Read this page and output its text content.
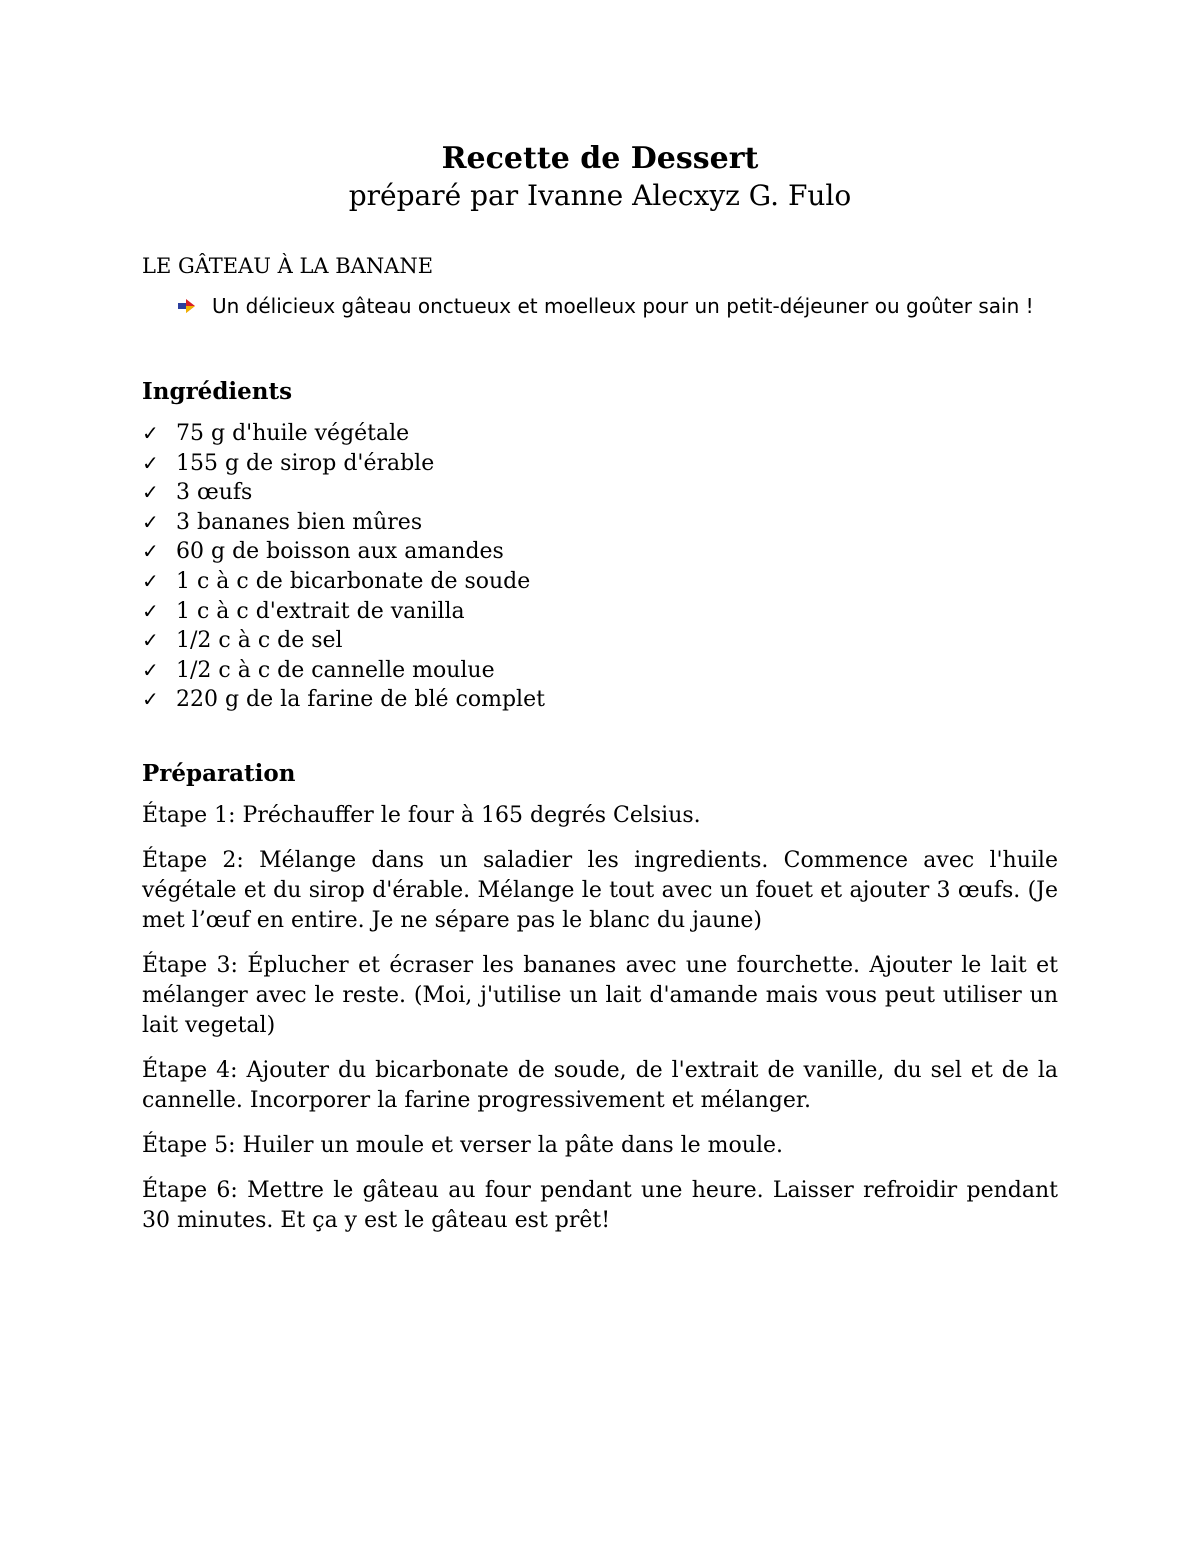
Recette de Dessert

préparé par Ivanne Alecxyz G. Fulo

LE GÂTEAU À LA BANANE
Un délicieux gâteau onctueux et moelleux pour un petit-déjeuner ou goûter sain !
Ingrédients
✓ 75 g d'huile végétale
✓ 155 g de sirop d'érable
✓ 3 œufs
✓ 3 bananes bien mûres
✓ 60 g de boisson aux amandes
✓ 1 c à c de bicarbonate de soude
✓ 1 c à c d'extrait de vanilla
✓ 1/2 c à c de sel
✓ 1/2 c à c de cannelle moulue
✓ 220 g de la farine de blé complet
Préparation

Étape 1: Préchauffer le four à 165 degrés Celsius.

Étape 2: Mélange dans un saladier les ingredients. Commence avec l'huile végétale et du sirop d'érable. Mélange le tout avec un fouet et ajouter 3 œufs. (Je met l’œuf en entire. Je ne sépare pas le blanc du jaune)

Étape 3: Éplucher et écraser les bananes avec une fourchette. Ajouter le lait et mélanger avec le reste. (Moi, j'utilise un lait d'amande mais vous peut utiliser un lait vegetal)

Étape 4: Ajouter du bicarbonate de soude, de l'extrait de vanille, du sel et de la cannelle. Incorporer la farine progressivement et mélanger.

Étape 5: Huiler un moule et verser la pâte dans le moule.

Étape 6: Mettre le gâteau au four pendant une heure. Laisser refroidir pendant 30 minutes. Et ça y est le gâteau est prêt!
